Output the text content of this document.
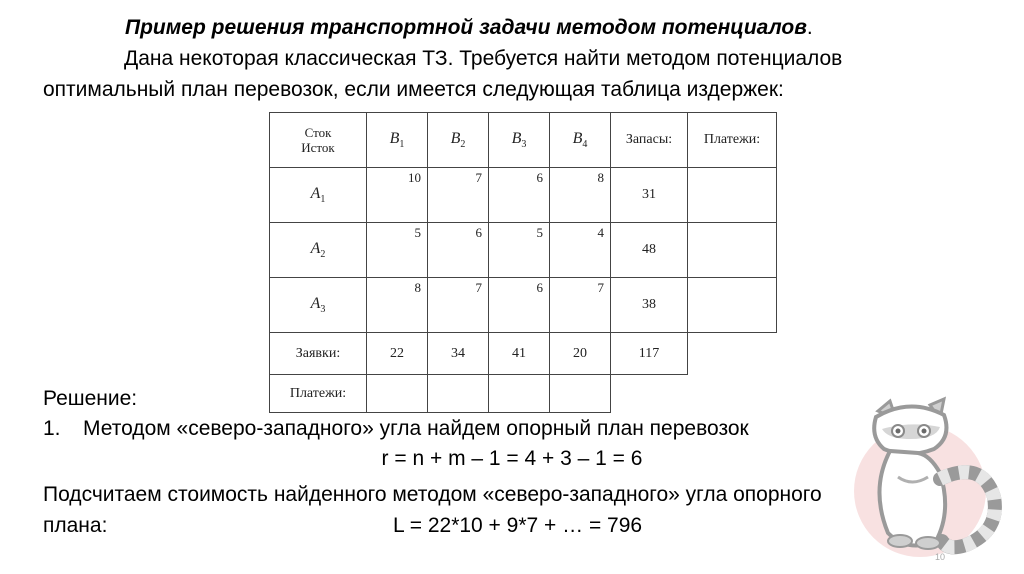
Пример решения транспортной задачи методом потенциалов.
Дана некоторая классическая ТЗ. Требуется найти методом потенциалов
оптимальный план перевозок, если имеется следующая таблица издержек:
Сток
Исток	$B_1$	$B_2$	$B_3$	$B_4$	Запасы:	Платежи:
$A_1$	10	7	6	8	31	
$A_2$	5	6	5	4	48	
$A_3$	8	7	6	7	38	
Заявки:	22	34	41	20	117	
Платежи:						
Решение:
1. Методом «северо-западного» угла найдем опорный план перевозок
r = n + m – 1 = 4 + 3 – 1 = 6
Подсчитаем стоимость найденного методом «северо-западного» угла опорного
плана:	L = 22*10 + 9*7 + … = 796
10
